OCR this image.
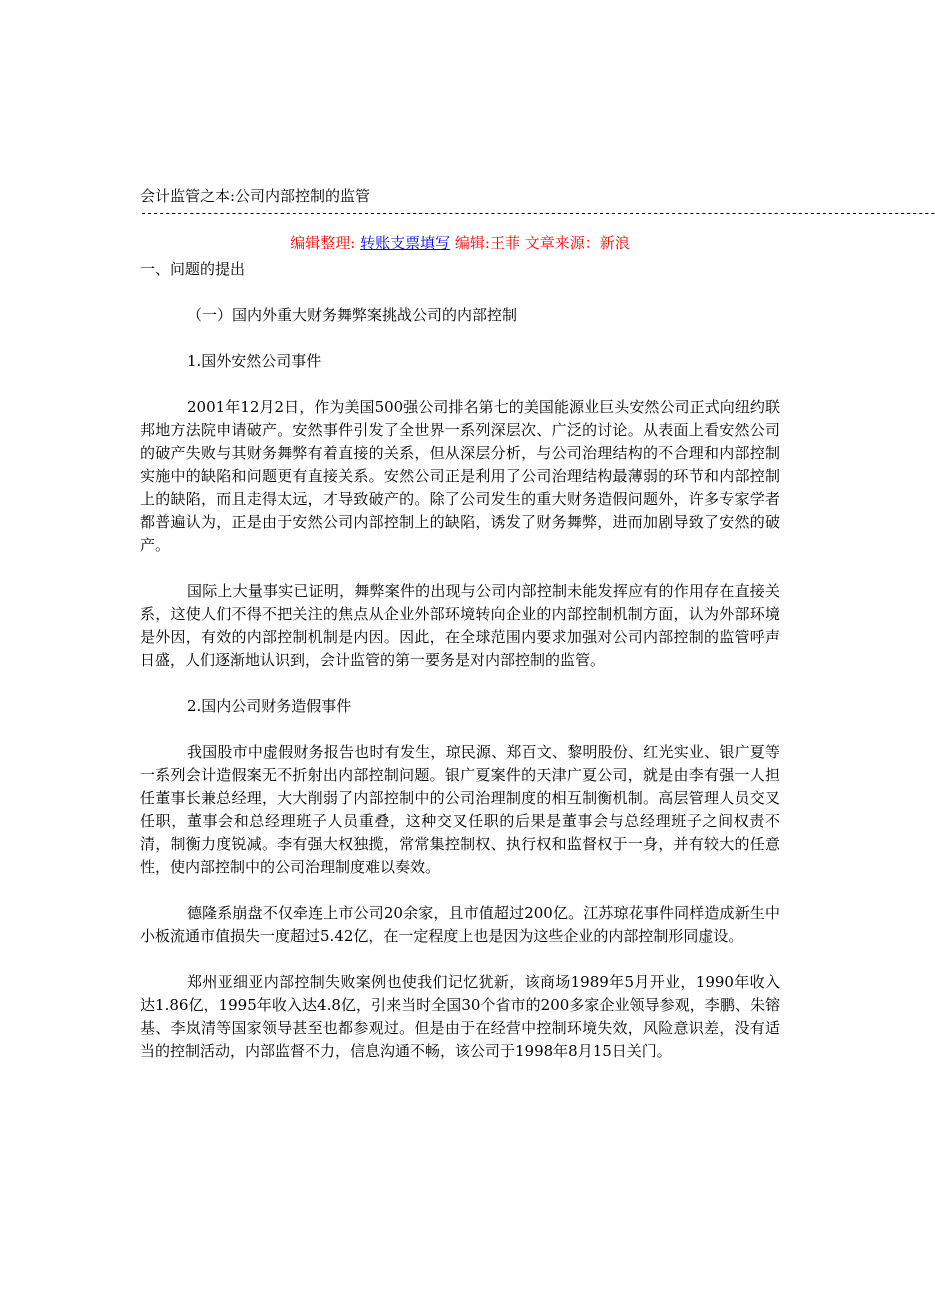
会计监管之本:公司内部控制的监管
------------------------------------------------------------------------------------------------------------------------------------
编辑整理: 转账支票填写 编辑:王菲 文章来源：新浪

一、问题的提出

（一）国内外重大财务舞弊案挑战公司的内部控制

1.国外安然公司事件

2001年12月2日，作为美国500强公司排名第七的美国能源业巨头安然公司正式向纽约联邦地方法院申请破产。安然事件引发了全世界一系列深层次、广泛的讨论。从表面上看安然公司的破产失败与其财务舞弊有着直接的关系，但从深层分析，与公司治理结构的不合理和内部控制实施中的缺陷和问题更有直接关系。安然公司正是利用了公司治理结构最薄弱的环节和内部控制上的缺陷，而且走得太远，才导致破产的。除了公司发生的重大财务造假问题外，许多专家学者都普遍认为，正是由于安然公司内部控制上的缺陷，诱发了财务舞弊，进而加剧导致了安然的破产。

国际上大量事实已证明，舞弊案件的出现与公司内部控制未能发挥应有的作用存在直接关系，这使人们不得不把关注的焦点从企业外部环境转向企业的内部控制机制方面，认为外部环境是外因，有效的内部控制机制是内因。因此，在全球范围内要求加强对公司内部控制的监管呼声日盛，人们逐渐地认识到，会计监管的第一要务是对内部控制的监管。

2.国内公司财务造假事件

我国股市中虚假财务报告也时有发生，琼民源、郑百文、黎明股份、红光实业、银广夏等一系列会计造假案无不折射出内部控制问题。银广夏案件的天津广夏公司，就是由李有强一人担任董事长兼总经理，大大削弱了内部控制中的公司治理制度的相互制衡机制。高层管理人员交叉任职，董事会和总经理班子人员重叠，这种交叉任职的后果是董事会与总经理班子之间权责不清，制衡力度锐减。李有强大权独揽，常常集控制权、执行权和监督权于一身，并有较大的任意性，使内部控制中的公司治理制度难以奏效。

德隆系崩盘不仅牵连上市公司20余家，且市值超过200亿。江苏琼花事件同样造成新生中小板流通市值损失一度超过5.42亿，在一定程度上也是因为这些企业的内部控制形同虚设。

郑州亚细亚内部控制失败案例也使我们记忆犹新，该商场1989年5月开业，1990年收入达1.86亿，1995年收入达4.8亿，引来当时全国30个省市的200多家企业领导参观，李鹏、朱镕基、李岚清等国家领导甚至也都参观过。但是由于在经营中控制环境失效，风险意识差，没有适当的控制活动，内部监督不力，信息沟通不畅，该公司于1998年8月15日关门。
